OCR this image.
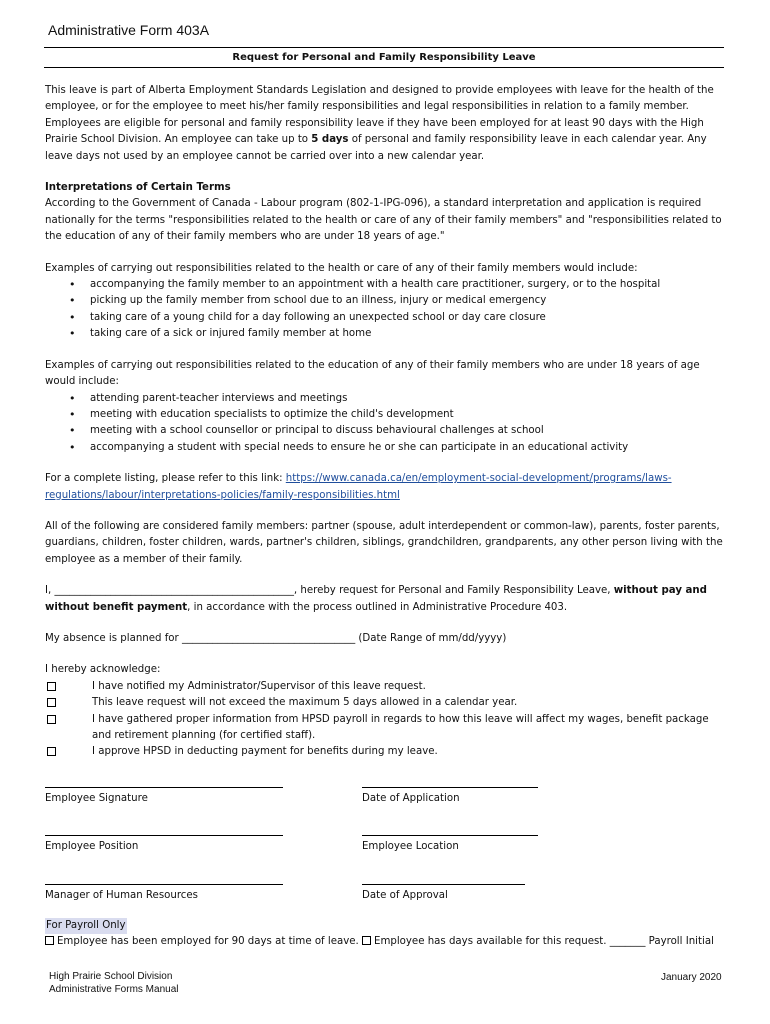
Administrative Form 403A
Request for Personal and Family Responsibility Leave

This leave is part of Alberta Employment Standards Legislation and designed to provide employees with leave for the health of the employee, or for the employee to meet his/her family responsibilities and legal responsibilities in relation to a family member. Employees are eligible for personal and family responsibility leave if they have been employed for at least 90 days with the High Prairie School Division. An employee can take up to 5 days of personal and family responsibility leave in each calendar year. Any leave days not used by an employee cannot be carried over into a new calendar year.

Interpretations of Certain Terms

According to the Government of Canada - Labour program (802-1-IPG-096), a standard interpretation and application is required nationally for the terms "responsibilities related to the health or care of any of their family members" and "responsibilities related to the education of any of their family members who are under 18 years of age."

Examples of carrying out responsibilities related to the health or care of any of their family members would include:

• accompanying the family member to an appointment with a health care practitioner, surgery, or to the hospital
• picking up the family member from school due to an illness, injury or medical emergency
• taking care of a young child for a day following an unexpected school or day care closure
• taking care of a sick or injured family member at home

Examples of carrying out responsibilities related to the education of any of their family members who are under 18 years of age would include:

• attending parent-teacher interviews and meetings
• meeting with education specialists to optimize the child's development
• meeting with a school counsellor or principal to discuss behavioural challenges at school
• accompanying a student with special needs to ensure he or she can participate in an educational activity

For a complete listing, please refer to this link: https://www.canada.ca/en/employment-social-development/programs/laws-regulations/labour/interpretations-policies/family-responsibilities.html

All of the following are considered family members: partner (spouse, adult interdependent or common-law), parents, foster parents, guardians, children, foster children, wards, partner's children, siblings, grandchildren, grandparents, any other person living with the employee as a member of their family.

I, _______________________________________________, hereby request for Personal and Family Responsibility Leave, without pay and without benefit payment, in accordance with the process outlined in Administrative Procedure 403.

My absence is planned for __________________________________ (Date Range of mm/dd/yyyy)

I hereby acknowledge:

I have notified my Administrator/Supervisor of this leave request.
This leave request will not exceed the maximum 5 days allowed in a calendar year.
I have gathered proper information from HPSD payroll in regards to how this leave will affect my wages, benefit package and retirement planning (for certified staff).
I approve HPSD in deducting payment for benefits during my leave.
Employee Signature	Date of Application
Employee Position	Employee Location
Manager of Human Resources	Date of Approval

For Payroll Only

Employee has been employed for 90 days at time of leave. Employee has days available for this request. _______ Payroll Initial

High Prairie School Division
Administrative Forms Manual
January 2020
